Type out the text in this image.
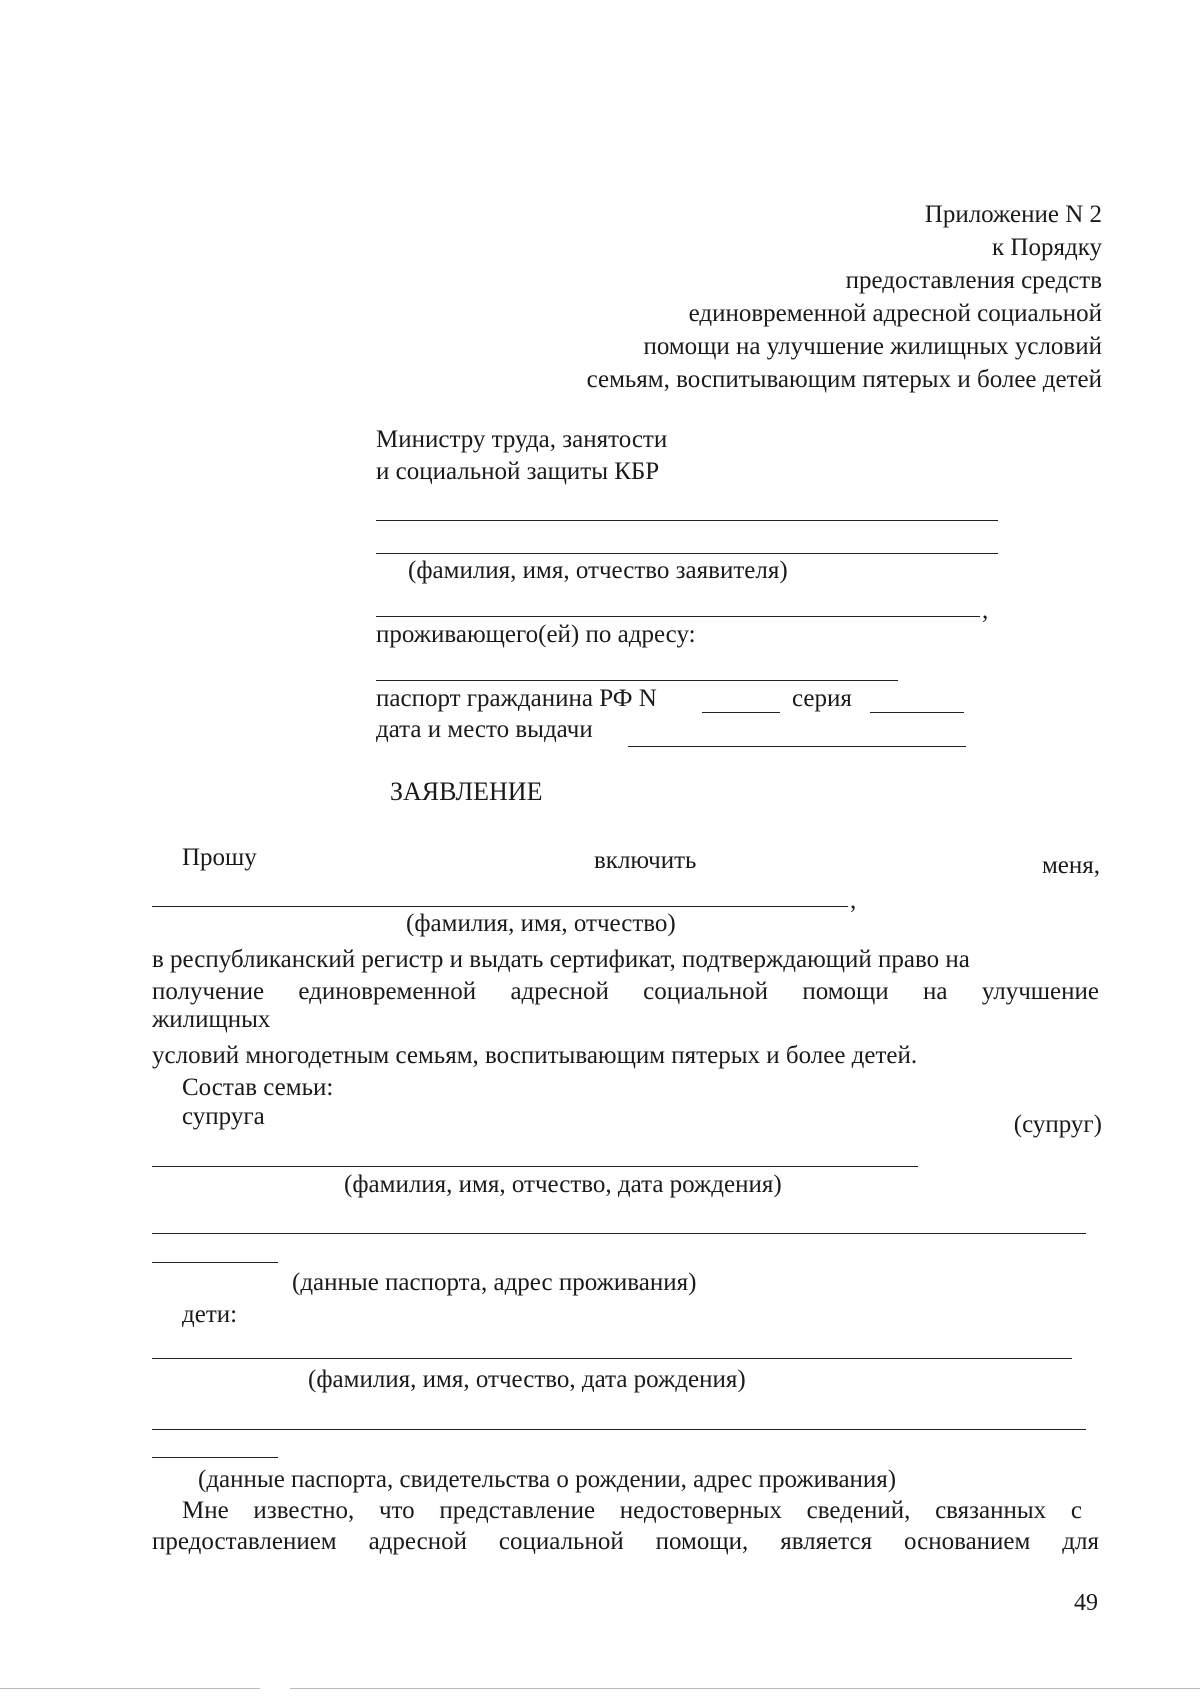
Приложение N 2
к Порядку
предоставления средств
единовременной адресной социальной
помощи на улучшение жилищных условий
семьям, воспитывающим пятерых и более детей
Министру труда, занятости
и социальной защиты КБР
(фамилия, имя, отчество заявителя)
,
проживающего(ей) по адресу:
паспорт гражданина РФ N	серия
дата и место выдачи
ЗАЯВЛЕНИЕ
Прошу	включить	меня,
,
(фамилия, имя, отчество)
в республиканский регистр и выдать сертификат, подтверждающий право на
получение единовременной адресной социальной помощи на улучшение
жилищных
условий многодетным семьям, воспитывающим пятерых и более детей.
Состав семьи:
супруга	(супруг)
(фамилия, имя, отчество, дата рождения)
(данные паспорта, адрес проживания)
дети:
(фамилия, имя, отчество, дата рождения)
(данные паспорта, свидетельства о рождении, адрес проживания)
Мне известно, что представление недостоверных сведений, связанных с
предоставлением адресной социальной помощи, является основанием для
49
